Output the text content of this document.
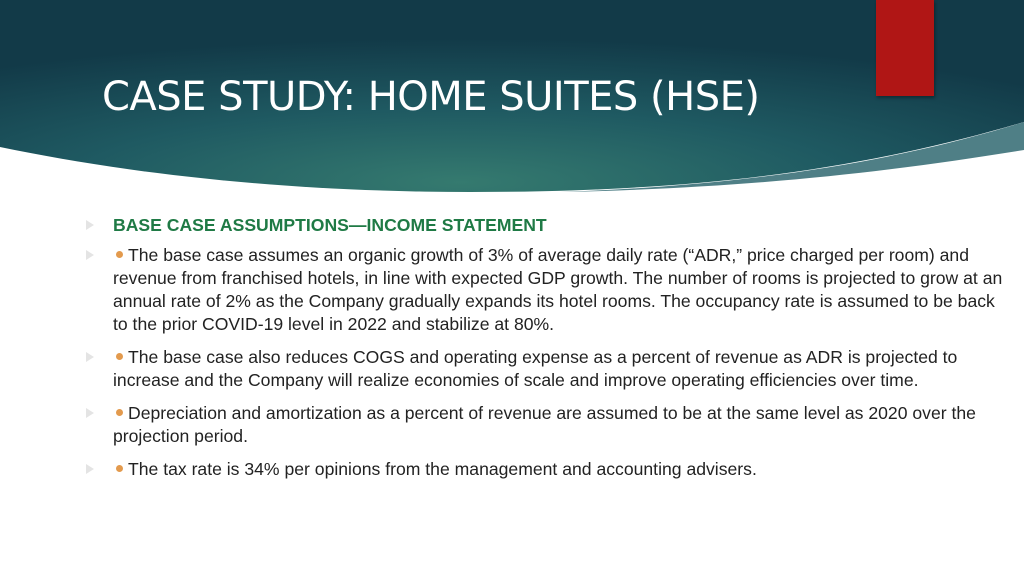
CASE STUDY: HOME SUITES (HSE)
BASE CASE ASSUMPTIONS—INCOME STATEMENT
The base case assumes an organic growth of 3% of average daily rate (“ADR,” price charged per room) and revenue from franchised hotels, in line with expected GDP growth. The number of rooms is projected to grow at an annual rate of 2% as the Company gradually expands its hotel rooms. The occupancy rate is assumed to be back to the prior COVID-19 level in 2022 and stabilize at 80%.
The base case also reduces COGS and operating expense as a percent of revenue as ADR is projected to increase and the Company will realize economies of scale and improve operating efficiencies over time.
Depreciation and amortization as a percent of revenue are assumed to be at the same level as 2020 over the projection period.
The tax rate is 34% per opinions from the management and accounting advisers.
